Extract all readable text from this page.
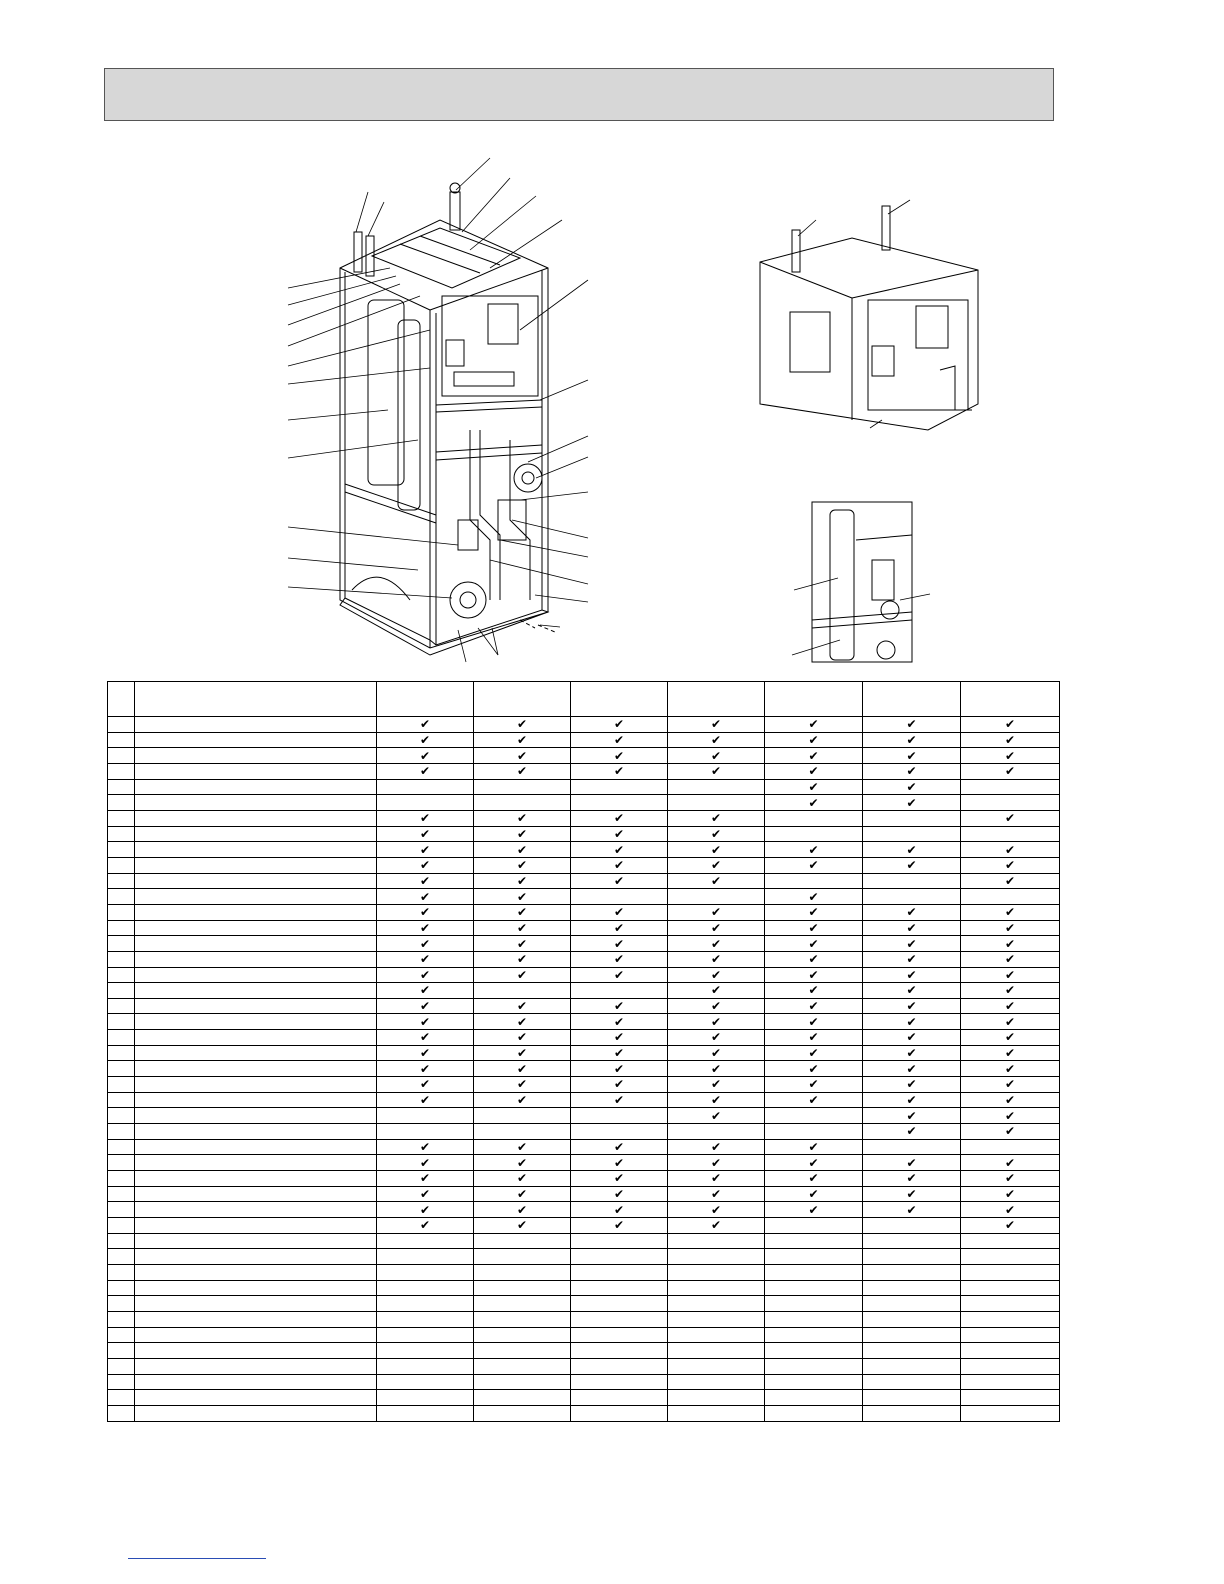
		✔	✔	✔	✔	✔	✔	✔
		✔	✔	✔	✔	✔	✔	✔
		✔	✔	✔	✔	✔	✔	✔
		✔	✔	✔	✔	✔	✔	✔
						✔	✔	
						✔	✔	
		✔	✔	✔	✔			✔
		✔	✔	✔	✔			
		✔	✔	✔	✔	✔	✔	✔
		✔	✔	✔	✔	✔	✔	✔
		✔	✔	✔	✔			✔
		✔	✔			✔		
		✔	✔	✔	✔	✔	✔	✔
		✔	✔	✔	✔	✔	✔	✔
		✔	✔	✔	✔	✔	✔	✔
		✔	✔	✔	✔	✔	✔	✔
		✔	✔	✔	✔	✔	✔	✔
		✔			✔	✔	✔	✔
		✔	✔	✔	✔	✔	✔	✔
		✔	✔	✔	✔	✔	✔	✔
		✔	✔	✔	✔	✔	✔	✔
		✔	✔	✔	✔	✔	✔	✔
		✔	✔	✔	✔	✔	✔	✔
		✔	✔	✔	✔	✔	✔	✔
		✔	✔	✔	✔	✔	✔	✔
					✔		✔	✔
							✔	✔
		✔	✔	✔	✔	✔		
		✔	✔	✔	✔	✔	✔	✔
		✔	✔	✔	✔	✔	✔	✔
		✔	✔	✔	✔	✔	✔	✔
		✔	✔	✔	✔	✔	✔	✔
		✔	✔	✔	✔			✔
